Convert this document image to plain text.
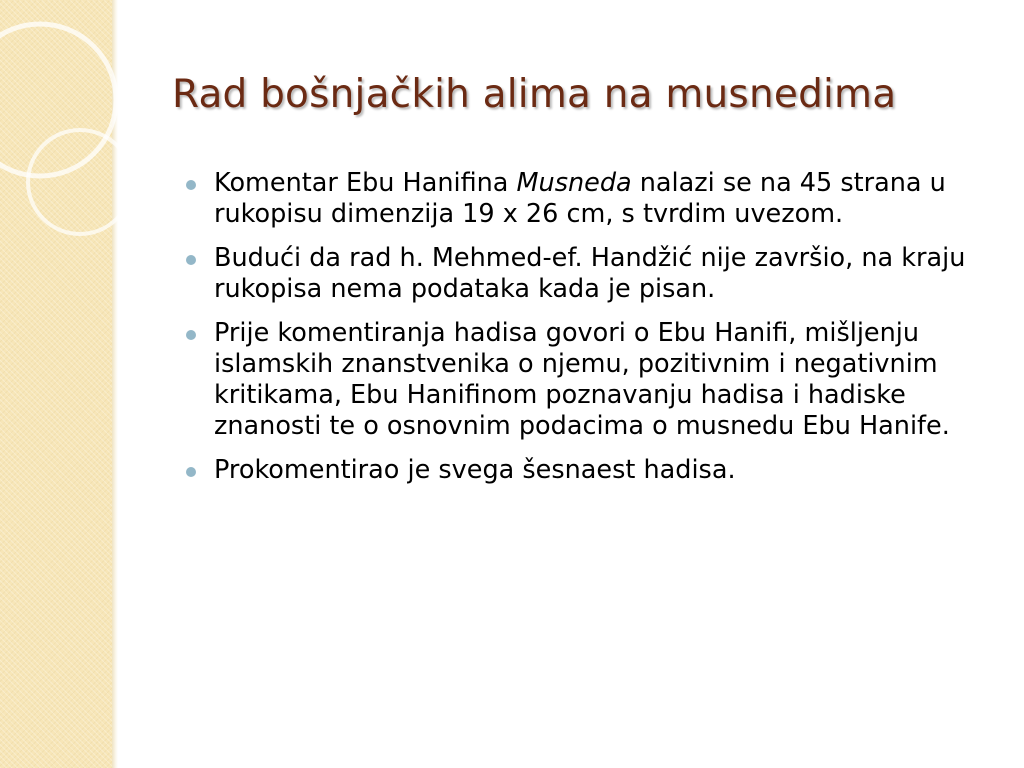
Rad bošnjačkih alima na musnedima
Komentar Ebu Hanifina Musneda nalazi se na 45 strana u rukopisu dimenzija 19 x 26 cm, s tvrdim uvezom.
Budući da rad h. Mehmed-ef. Handžić nije završio, na kraju rukopisa nema podataka kada je pisan.
Prije komentiranja hadisa govori o Ebu Hanifi, mišljenju islamskih znanstvenika o njemu, pozitivnim i negativnim kritikama, Ebu Hanifinom poznavanju hadisa i hadiske znanosti te o osnovnim podacima o musnedu Ebu Hanife.
Prokomentirao je svega šesnaest hadisa.
